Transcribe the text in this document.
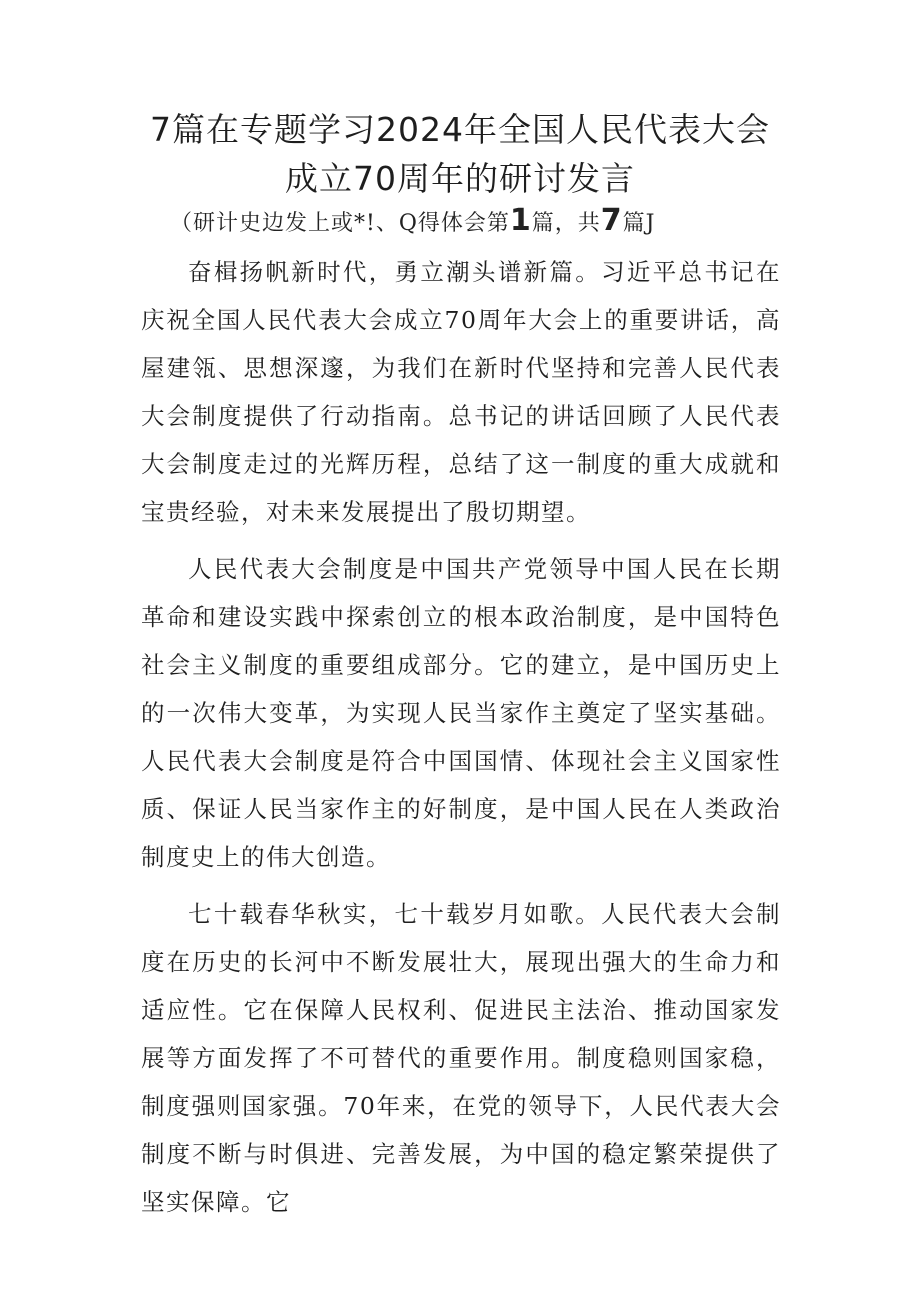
7篇在专题学习2024年全国人民代表大会
成立70周年的研讨发言
（研计史边发上或*!、Q得体会第1篇，共7篇J

奋楫扬帆新时代，勇立潮头谱新篇。习近平总书记在庆祝全国人民代表大会成立70周年大会上的重要讲话，高屋建瓴、思想深邃，为我们在新时代坚持和完善人民代表大会制度提供了行动指南。总书记的讲话回顾了人民代表大会制度走过的光辉历程，总结了这一制度的重大成就和宝贵经验，对未来发展提出了殷切期望。

人民代表大会制度是中国共产党领导中国人民在长期革命和建设实践中探索创立的根本政治制度，是中国特色社会主义制度的重要组成部分。它的建立，是中国历史上的一次伟大变革，为实现人民当家作主奠定了坚实基础。人民代表大会制度是符合中国国情、体现社会主义国家性质、保证人民当家作主的好制度，是中国人民在人类政治制度史上的伟大创造。

七十载春华秋实，七十载岁月如歌。人民代表大会制度在历史的长河中不断发展壮大，展现出强大的生命力和适应性。它在保障人民权利、促进民主法治、推动国家发展等方面发挥了不可替代的重要作用。制度稳则国家稳，制度强则国家强。70年来，在党的领导下，人民代表大会制度不断与时俱进、完善发展，为中国的稳定繁荣提供了坚实保障。它
